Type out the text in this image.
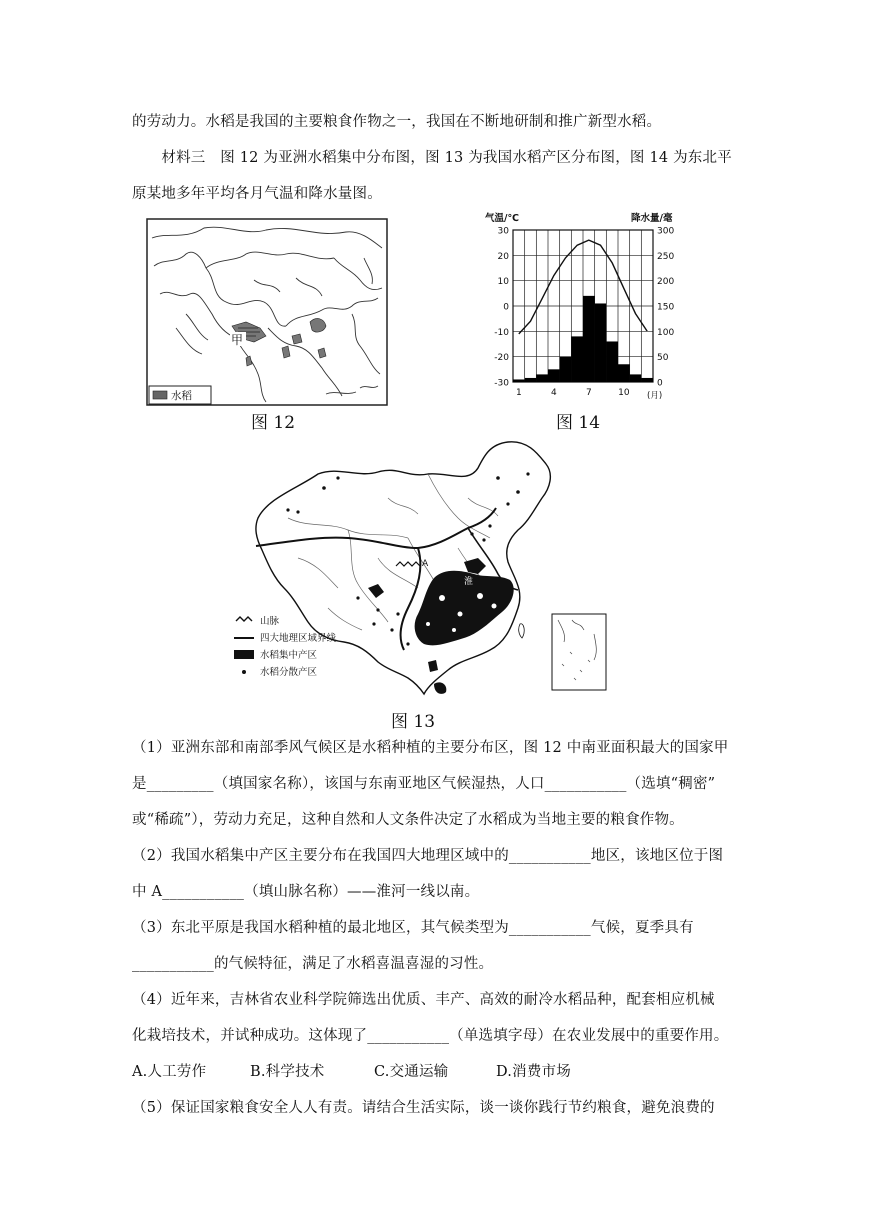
的劳动力。水稻是我国的主要粮食作物之一，我国在不断地研制和推广新型水稻。
　　材料三　图 12 为亚洲水稻集中分布图，图 13 为我国水稻产区分布图，图 14 为东北平
原某地多年平均各月气温和降水量图。
甲
水稻
图 12
气温/℃	降水量/毫
(月)
30
20
10
0
-10
-20
-30
300
250
200
150
100
50
0
1	4	7	10
图 14
A
淮
山脉
四大地理区域界线
水稻集中产区
水稻分散产区
图 13
（1）亚洲东部和南部季风气候区是水稻种植的主要分布区，图 12 中南亚面积最大的国家甲
是_________（填国家名称），该国与东南亚地区气候湿热，人口___________（选填“稠密”
或“稀疏”），劳动力充足，这种自然和人文条件决定了水稻成为当地主要的粮食作物。
（2）我国水稻集中产区主要分布在我国四大地理区域中的___________地区，该地区位于图
中 A___________（填山脉名称）——淮河一线以南。
（3）东北平原是我国水稻种植的最北地区，其气候类型为___________气候，夏季具有
___________的气候特征，满足了水稻喜温喜湿的习性。
（4）近年来，吉林省农业科学院筛选出优质、丰产、高效的耐冷水稻品种，配套相应机械
化栽培技术，并试种成功。这体现了___________（单选填字母）在农业发展中的重要作用。
A.人工劳作	B.科学技术	C.交通运输	D.消费市场
（5）保证国家粮食安全人人有责。请结合生活实际，谈一谈你践行节约粮食，避免浪费的
